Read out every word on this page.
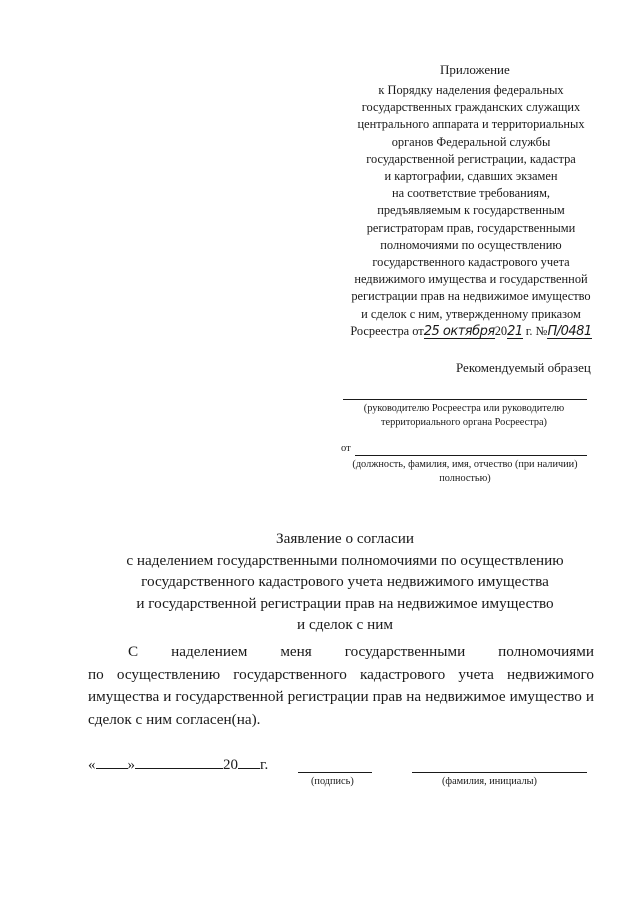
Приложение
к Порядку наделения федеральных
государственных гражданских служащих
центрального аппарата и территориальных
органов Федеральной службы
государственной регистрации, кадастра
и картографии, сдавших экзамен
на соответствие требованиям,
предъявляемым к государственным
регистраторам прав, государственными
полномочиями по осуществлению
государственного кадастрового учета
недвижимого имущества и государственной
регистрации прав на недвижимое имущество
и сделок с ним, утвержденному приказом
Росреестра от25 октября2021 г. №П/0481
Рекомендуемый образец
(руководителю Росреестра или руководителю
территориального органа Росреестра)
от
(должность, фамилия, имя, отчество (при наличии)
полностью)
Заявление о согласии
с наделением государственными полномочиями по осуществлению
государственного кадастрового учета недвижимого имущества
и государственной регистрации прав на недвижимое имущество
и сделок с ним
С наделением меня государственными полномочиями
по осуществлению государственного кадастрового учета недвижимого имущества и государственной регистрации прав на недвижимое имущество и сделок с ним согласен(на).
« »	20 г.
(подпись)	(фамилия, инициалы)
